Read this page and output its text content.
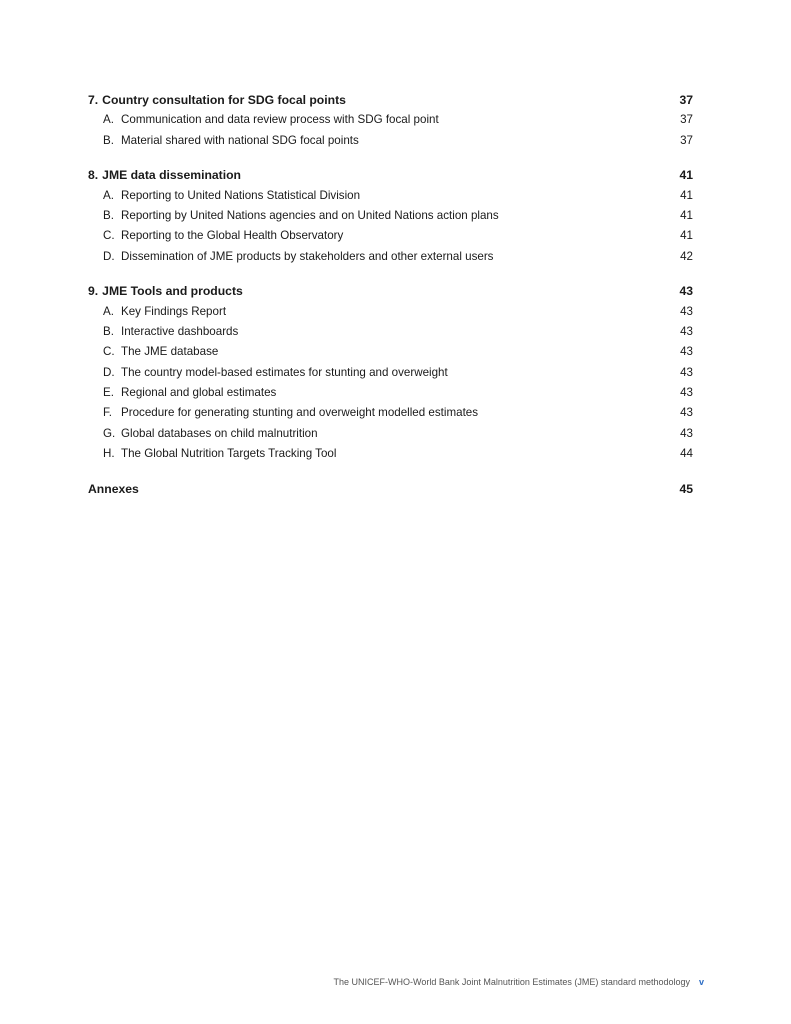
7. Country consultation for SDG focal points	37
A. Communication and data review process with SDG focal point	37
B. Material shared with national SDG focal points	37
8. JME data dissemination	41
A. Reporting to United Nations Statistical Division	41
B. Reporting by United Nations agencies and on United Nations action plans	41
C. Reporting to the Global Health Observatory	41
D. Dissemination of JME products by stakeholders and other external users	42
9. JME Tools and products	43
A. Key Findings Report	43
B. Interactive dashboards	43
C. The JME database	43
D. The country model-based estimates for stunting and overweight	43
E. Regional and global estimates	43
F. Procedure for generating stunting and overweight modelled estimates	43
G. Global databases on child malnutrition	43
H. The Global Nutrition Targets Tracking Tool	44
Annexes	45
The UNICEF-WHO-World Bank Joint Malnutrition Estimates (JME) standard methodology v
